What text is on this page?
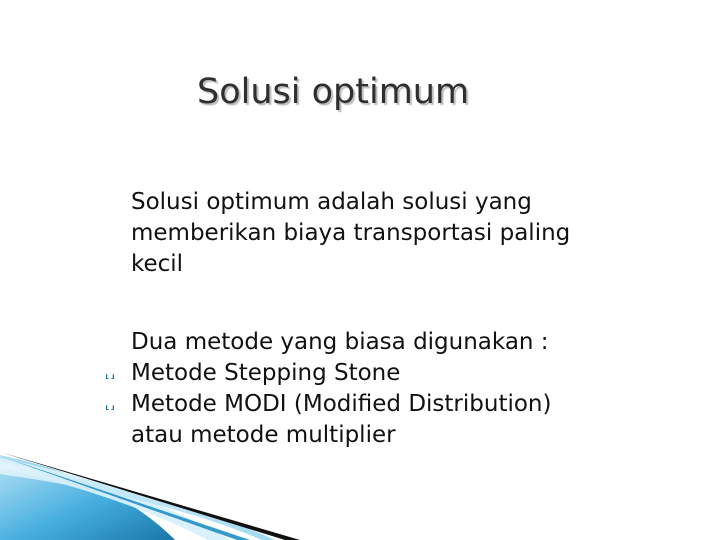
Solusi optimum

Solusi optimum adalah solusi yang
memberikan biaya transportasi paling
kecil

Dua metode yang biasa digunakan :
⸤⸥ Metode Stepping Stone
⸤⸥ Metode MODI (Modified Distribution)
atau metode multiplier
